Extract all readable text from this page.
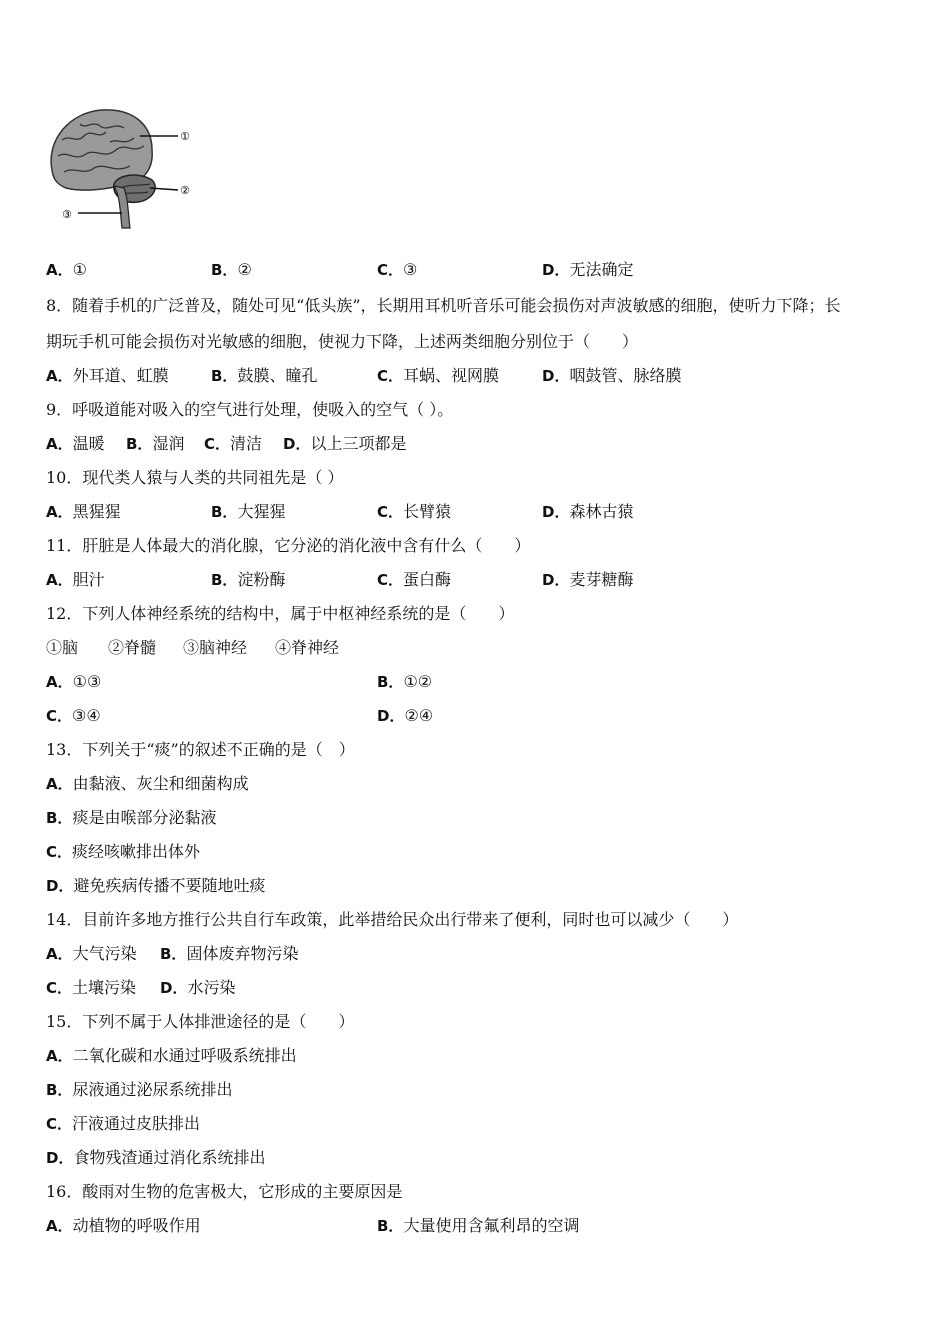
①
②
③
A．①	B．②	C．③	D．无法确定
8．随着手机的广泛普及，随处可见“低头族”，长期用耳机听音乐可能会损伤对声波敏感的细胞，使听力下降；长
期玩手机可能会损伤对光敏感的细胞，使视力下降，上述两类细胞分别位于（　　）
A．外耳道、虹膜	B．鼓膜、瞳孔	C．耳蜗、视网膜	D．咽鼓管、脉络膜
9．呼吸道能对吸入的空气进行处理，使吸入的空气（ ）。
A．温暖 B．湿润 C．清洁 D．以上三项都是
10．现代类人猿与人类的共同祖先是（ ）
A．黑猩猩	B．大猩猩	C．长臂猿	D．森林古猿
11．肝脏是人体最大的消化腺，它分泌的消化液中含有什么（　　）
A．胆汁	B．淀粉酶	C．蛋白酶	D．麦芽糖酶
12．下列人体神经系统的结构中，属于中枢神经系统的是（　　）
①脑 ②脊髓 ③脑神经 ④脊神经
A．①③	B．①②
C．③④	D．②④
13．下列关于“痰”的叙述不正确的是（　）
A．由黏液、灰尘和细菌构成
B．痰是由喉部分泌黏液
C．痰经咳嗽排出体外
D．避免疾病传播不要随地吐痰
14．目前许多地方推行公共自行车政策，此举措给民众出行带来了便利，同时也可以减少（　　）
A．大气污染 B．固体废弃物污染
C．土壤污染 D．水污染
15．下列不属于人体排泄途径的是（　　）
A．二氧化碳和水通过呼吸系统排出
B．尿液通过泌尿系统排出
C．汗液通过皮肤排出
D．食物残渣通过消化系统排出
16．酸雨对生物的危害极大，它形成的主要原因是
A．动植物的呼吸作用	B．大量使用含氟利昂的空调
